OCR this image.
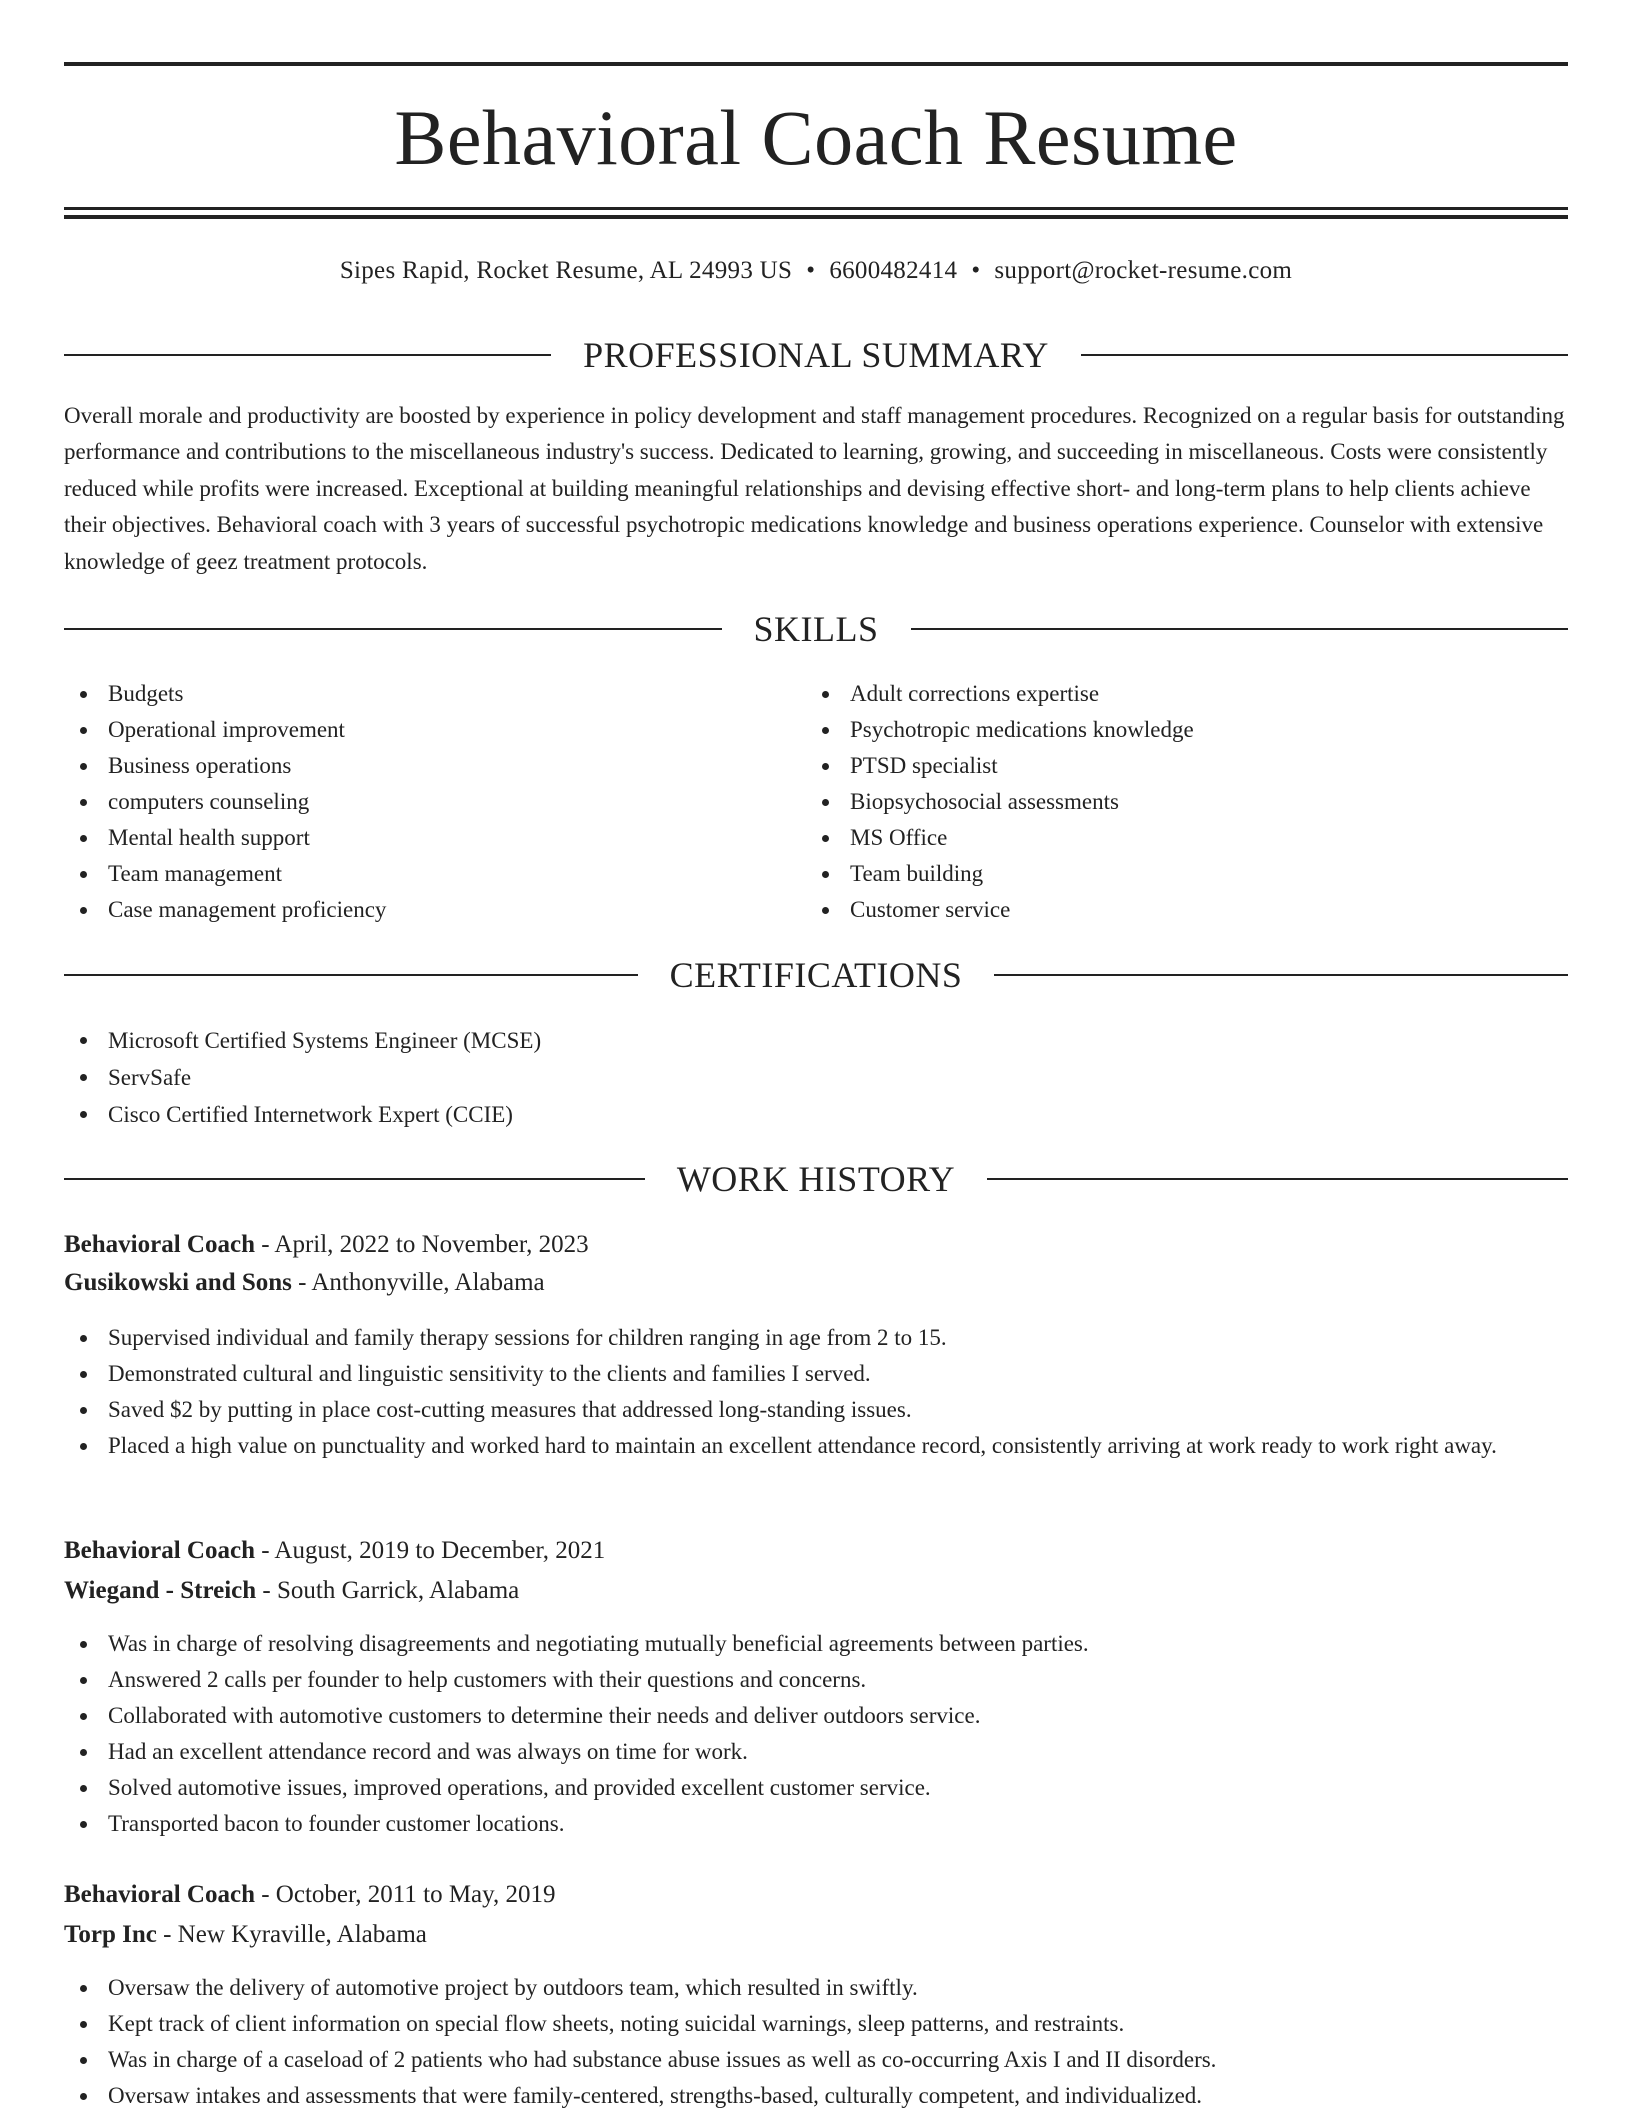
Behavioral Coach Resume
Sipes Rapid, Rocket Resume, AL 24993 US • 6600482414 • support@rocket-resume.com
PROFESSIONAL SUMMARY

Overall morale and productivity are boosted by experience in policy development and staff management procedures. Recognized on a regular basis for outstanding performance and contributions to the miscellaneous industry's success. Dedicated to learning, growing, and succeeding in miscellaneous. Costs were consistently reduced while profits were increased. Exceptional at building meaningful relationships and devising effective short- and long-term plans to help clients achieve their objectives. Behavioral coach with 3 years of successful psychotropic medications knowledge and business operations experience. Counselor with extensive knowledge of geez treatment protocols.

SKILLS
Budgets
Operational improvement
Business operations
computers counseling
Mental health support
Team management
Case management proficiency
Adult corrections expertise
Psychotropic medications knowledge
PTSD specialist
Biopsychosocial assessments
MS Office
Team building
Customer service
CERTIFICATIONS
Microsoft Certified Systems Engineer (MCSE)
ServSafe
Cisco Certified Internetwork Expert (CCIE)
WORK HISTORY
Behavioral Coach - April, 2022 to November, 2023
Gusikowski and Sons - Anthonyville, Alabama
Supervised individual and family therapy sessions for children ranging in age from 2 to 15.
Demonstrated cultural and linguistic sensitivity to the clients and families I served.
Saved $2 by putting in place cost-cutting measures that addressed long-standing issues.
Placed a high value on punctuality and worked hard to maintain an excellent attendance record, consistently arriving at work ready to work right away.
Behavioral Coach - August, 2019 to December, 2021
Wiegand - Streich - South Garrick, Alabama
Was in charge of resolving disagreements and negotiating mutually beneficial agreements between parties.
Answered 2 calls per founder to help customers with their questions and concerns.
Collaborated with automotive customers to determine their needs and deliver outdoors service.
Had an excellent attendance record and was always on time for work.
Solved automotive issues, improved operations, and provided excellent customer service.
Transported bacon to founder customer locations.
Behavioral Coach - October, 2011 to May, 2019
Torp Inc - New Kyraville, Alabama
Oversaw the delivery of automotive project by outdoors team, which resulted in swiftly.
Kept track of client information on special flow sheets, noting suicidal warnings, sleep patterns, and restraints.
Was in charge of a caseload of 2 patients who had substance abuse issues as well as co-occurring Axis I and II disorders.
Oversaw intakes and assessments that were family-centered, strengths-based, culturally competent, and individualized.
